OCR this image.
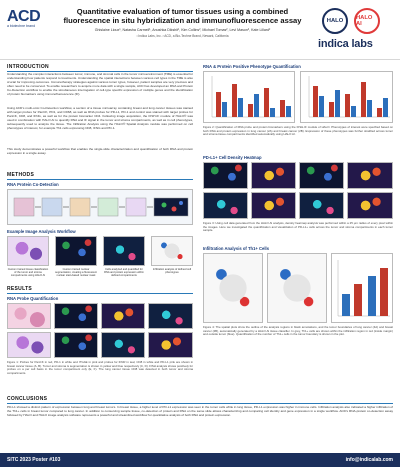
ACD
a biotechne brand
Quantitative evaluation of tumor tissues using a combined fluorescence in situ hybridization and immunofluorescence assay
Ghislaine Lioux¹, Natasha Carmell¹, Anushka Dikshit¹, Kim Collins², Michael Tomas², Levi Mason², Kate Lillard²
¹ Indica Labs, Inc. ² ACD, a Bio-Techne Brand, Newark, California
HALO	HALO AI
indica labs
INTRODUCTION
Understanding the complex interactions between tumor, immune, and stromal cells in the tumor microenvironment (TME) is essential for understanding how patients respond to treatments. Understanding the spatial interactions between various cell types in the TME is also crucial for improving outcomes. Immunotherapy strategies against various tumor types, however, patient samples are very precious and often need to be conserved. To enable researchers to acquire more data with a single sample, ACD has developed an RNA and Protein Co-Detection workflow to enable the simultaneous interrogation of cell-type specific expression of multiple genes and the identification of protein biomarkers using immunofluorescence (IF).
Using ACD's multi-omic Co-Detection workflow, a section of a tissue microarray containing breast and lung cancer tissues was stained with target probes for PanCK, PD1, and CD68, as well as RNA probes for PD-L1, PD-1 and control was stained with target probes for PanCK, CD8, and IFNG, as well as for the protein biomarker CD4. Following image acquisition, the FISH-IF module of HALO® was used in combination with HALO AI to quantify RNA and IF signal in the tumor and stroma compartments, as well as in cell phenotypes, subsequently used to analyze the tissue. The Infiltration Analysis using the HALO® Spatial Analysis module was performed on cell phenotypes of interest, for example Th1 cells expressing CD8, IFNG and PD-1.
This study demonstrates a powerful workflow that enables the single-slide characterization and quantification of both RNA and protein expression in a single assay.
METHODS
RNA Protein Co-Detection
Example Image Analysis Workflow
Custom trained tissue classification of the tumor and stroma compartments using HALO AI
Custom trained nuclear segmentation, creating a fluorescent nuclear stain-based nuclear mask
Cells analyzed and quantified for RNA and protein expression within defined compartments
Infiltration analysis of defined cell phenotypes
RESULTS
RNA Probe Quantification
Figure 1: Probes for PanCK in red, PD-1 in white and ITGAE in pink and probes for IFNR in teal, CD8 in white and PD-L1 pink are shown in breast cancer tissue (A, B). Tumor and stroma is segmentation is shown in yellow and blue respectively (C, D). FISH analysis shows positively for probes on a per cell basis in the tumor compartment only (E, F). The lung cancer tissue CD8 was detected in both tumor and stroma compartments.
RNA & Protein Positive Phenotype Quantification
Figure 2: Quantification of RNA probe and protein biomarkers using the FISH-IF module of HALO. Phenotypes of interest were specified based on both RNA and protein expression in lung cancer (2A) and breast cancer (2B). Expression of these phenotypes was further stratified across tumor and stroma tissue compartments identified automatically using HALO AI.
PD-L1+ Cell Density Heatmap
Figure 3: Using cell data generated from the HALO AI analysis, density heatmap analysis was performed within a 25 µm radius of every pixel within the images. Here we investigated the quantification and visualization of PD-L1+ cells across the tumor and stroma compartments in each tumor sample.
Infiltration Analysis of Th1+ Cells
Figure 4: The spatial plots show the outline of the analysis regions in black annotations, and the tumor boundaries of lung cancer (4A) and breast cancer (4B), automatically generated by a HALO AI tissue classifier. In grey, Th1+ cells are shown within the infiltration region in red (inside margin) and outside tumor (blue). Quantification of the number of Th1+ cells in the tumor boundary is shown in the plot.
CONCLUSIONS
PD-L1 showed a distinct pattern of expression between lung and breast tumors. In breast tissue, a higher level of PD-L1 expression was seen in the tumor cells while in lung tissue, PD-L1 expression was higher in immune cells. Infiltration analysis also indicated a higher infiltration of the Th1+ cells in breast tumor compared to lung cancer. In addition to conserving sample tissue, co-detection of protein and RNA on the same slide allows characterizing and comparing cell identity and gene expression in a single workflow. ACD's RNA-protein co-detection assay followed by HALO and HALO image analysis software represents a powerful and streamlined workflow for quantitative analysis of both RNA and protein expression.
SITC 2023 Poster #103	info@indicalab.com
